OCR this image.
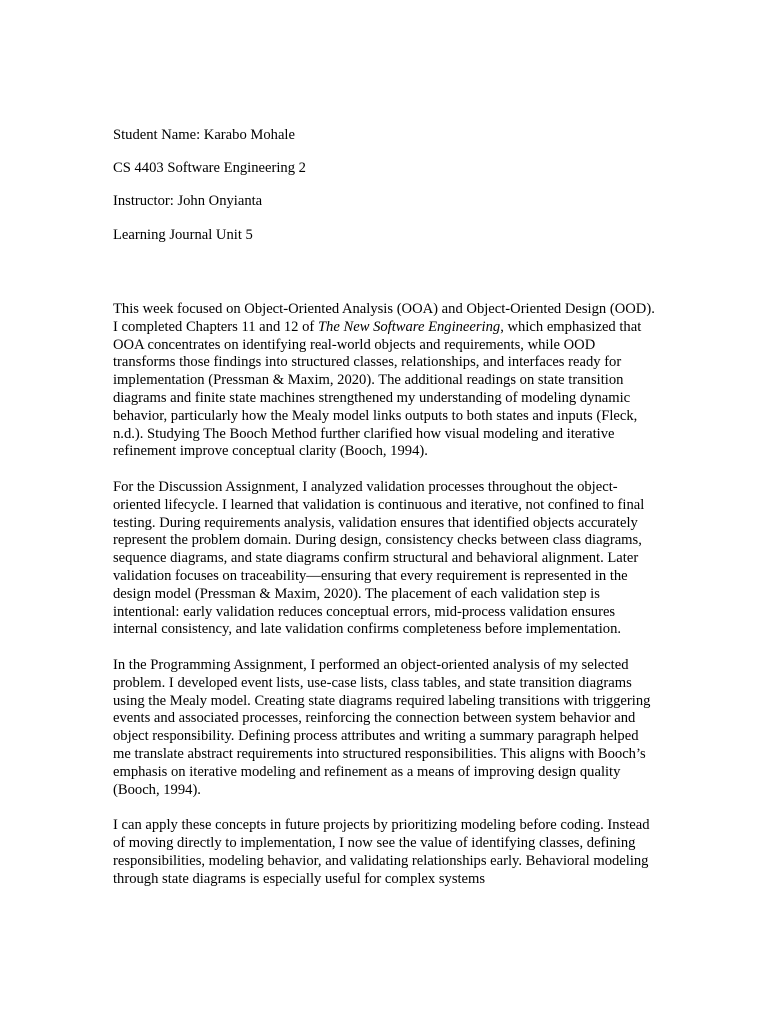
Student Name: Karabo Mohale

CS 4403 Software Engineering 2

Instructor: John Onyianta

Learning Journal Unit 5

This week focused on Object-Oriented Analysis (OOA) and Object-Oriented Design (OOD). I completed Chapters 11 and 12 of The New Software Engineering, which emphasized that OOA concentrates on identifying real-world objects and requirements, while OOD transforms those findings into structured classes, relationships, and interfaces ready for implementation (Pressman & Maxim, 2020). The additional readings on state transition diagrams and finite state machines strengthened my understanding of modeling dynamic behavior, particularly how the Mealy model links outputs to both states and inputs (Fleck, n.d.). Studying The Booch Method further clarified how visual modeling and iterative refinement improve conceptual clarity (Booch, 1994).

For the Discussion Assignment, I analyzed validation processes throughout the object-oriented lifecycle. I learned that validation is continuous and iterative, not confined to final testing. During requirements analysis, validation ensures that identified objects accurately represent the problem domain. During design, consistency checks between class diagrams, sequence diagrams, and state diagrams confirm structural and behavioral alignment. Later validation focuses on traceability—ensuring that every requirement is represented in the design model (Pressman & Maxim, 2020). The placement of each validation step is intentional: early validation reduces conceptual errors, mid-process validation ensures internal consistency, and late validation confirms completeness before implementation.

In the Programming Assignment, I performed an object-oriented analysis of my selected problem. I developed event lists, use-case lists, class tables, and state transition diagrams using the Mealy model. Creating state diagrams required labeling transitions with triggering events and associated processes, reinforcing the connection between system behavior and object responsibility. Defining process attributes and writing a summary paragraph helped me translate abstract requirements into structured responsibilities. This aligns with Booch’s emphasis on iterative modeling and refinement as a means of improving design quality (Booch, 1994).

I can apply these concepts in future projects by prioritizing modeling before coding. Instead of moving directly to implementation, I now see the value of identifying classes, defining responsibilities, modeling behavior, and validating relationships early. Behavioral modeling through state diagrams is especially useful for complex systems
